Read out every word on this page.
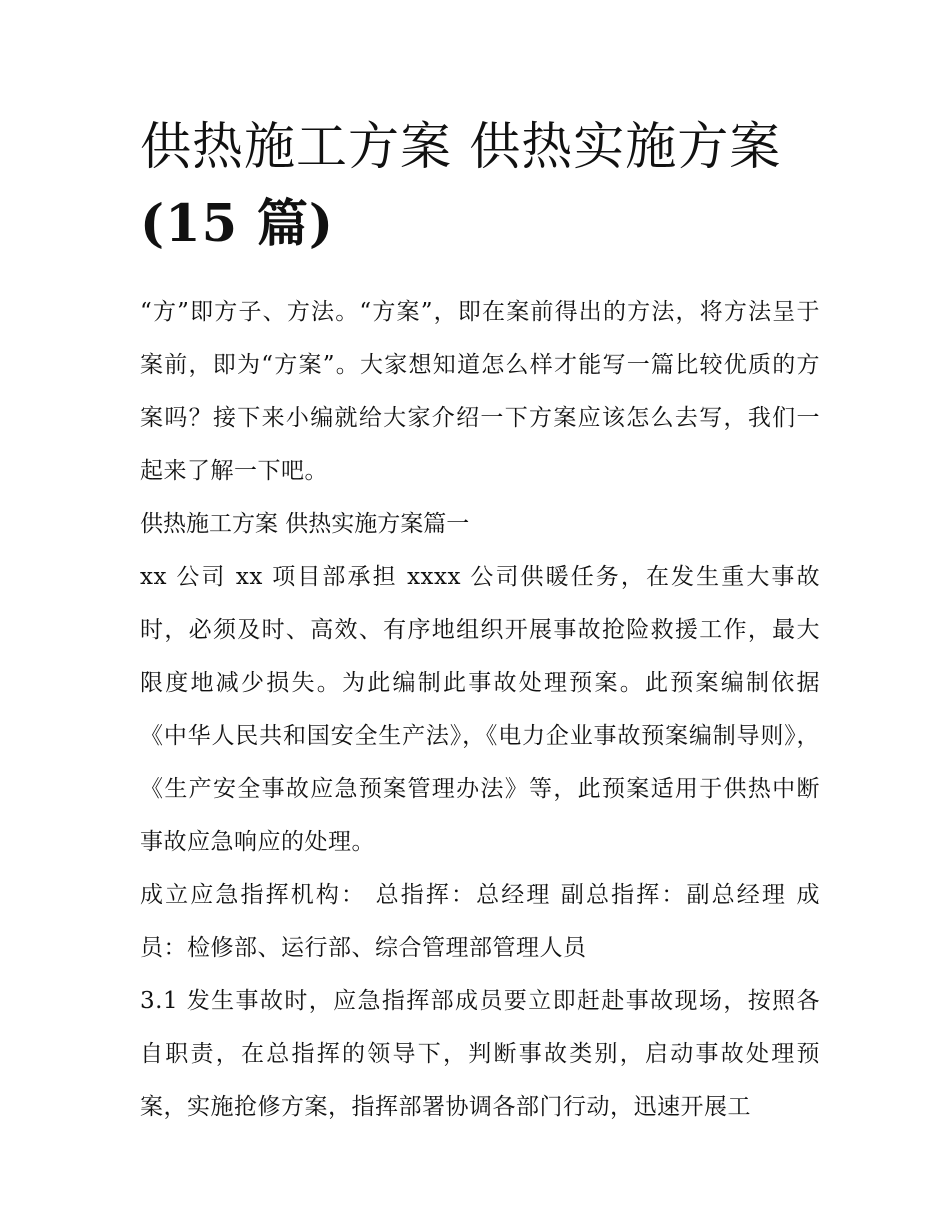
供热施工方案 供热实施方案
(15 篇)

“方”即方子、方法。“方案”，即在案前得出的方法，将方法呈于案前，即为“方案”。大家想知道怎么样才能写一篇比较优质的方案吗？接下来小编就给大家介绍一下方案应该怎么去写，我们一起来了解一下吧。

供热施工方案 供热实施方案篇一

xx 公司 xx 项目部承担 xxxx 公司供暖任务，在发生重大事故时，必须及时、高效、有序地组织开展事故抢险救援工作，最大限度地减少损失。为此编制此事故处理预案。此预案编制依据《中华人民共和国安全生产法》，《电力企业事故预案编制导则》，《生产安全事故应急预案管理办法》等，此预案适用于供热中断事故应急响应的处理。

成立应急指挥机构： 总指挥：总经理 副总指挥：副总经理 成员：检修部、运行部、综合管理部管理人员

3.1 发生事故时，应急指挥部成员要立即赶赴事故现场，按照各自职责，在总指挥的领导下，判断事故类别，启动事故处理预案，实施抢修方案，指挥部署协调各部门行动，迅速开展工
